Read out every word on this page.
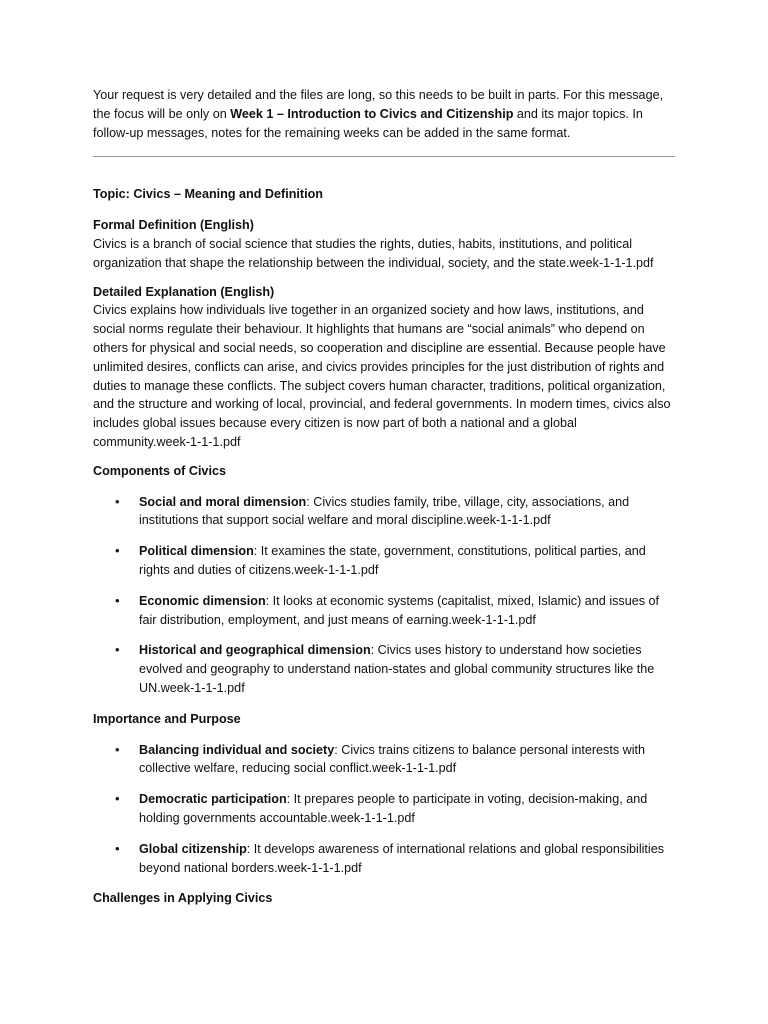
Your request is very detailed and the files are long, so this needs to be built in parts. For this message, the focus will be only on Week 1 – Introduction to Civics and Citizenship and its major topics. In follow-up messages, notes for the remaining weeks can be added in the same format.

Topic: Civics – Meaning and Definition

Formal Definition (English)

Civics is a branch of social science that studies the rights, duties, habits, institutions, and political organization that shape the relationship between the individual, society, and the state.week-1-1-1.pdf

Detailed Explanation (English)

Civics explains how individuals live together in an organized society and how laws, institutions, and social norms regulate their behaviour. It highlights that humans are “social animals” who depend on others for physical and social needs, so cooperation and discipline are essential. Because people have unlimited desires, conflicts can arise, and civics provides principles for the just distribution of rights and duties to manage these conflicts. The subject covers human character, traditions, political organization, and the structure and working of local, provincial, and federal governments. In modern times, civics also includes global issues because every citizen is now part of both a national and a global community.week-1-1-1.pdf

Components of Civics

• Social and moral dimension: Civics studies family, tribe, village, city, associations, and institutions that support social welfare and moral discipline.week-1-1-1.pdf
• Political dimension: It examines the state, government, constitutions, political parties, and rights and duties of citizens.week-1-1-1.pdf
• Economic dimension: It looks at economic systems (capitalist, mixed, Islamic) and issues of fair distribution, employment, and just means of earning.week-1-1-1.pdf
• Historical and geographical dimension: Civics uses history to understand how societies evolved and geography to understand nation-states and global community structures like the UN.week-1-1-1.pdf

Importance and Purpose

• Balancing individual and society: Civics trains citizens to balance personal interests with collective welfare, reducing social conflict.week-1-1-1.pdf
• Democratic participation: It prepares people to participate in voting, decision-making, and holding governments accountable.week-1-1-1.pdf
• Global citizenship: It develops awareness of international relations and global responsibilities beyond national borders.week-1-1-1.pdf

Challenges in Applying Civics
